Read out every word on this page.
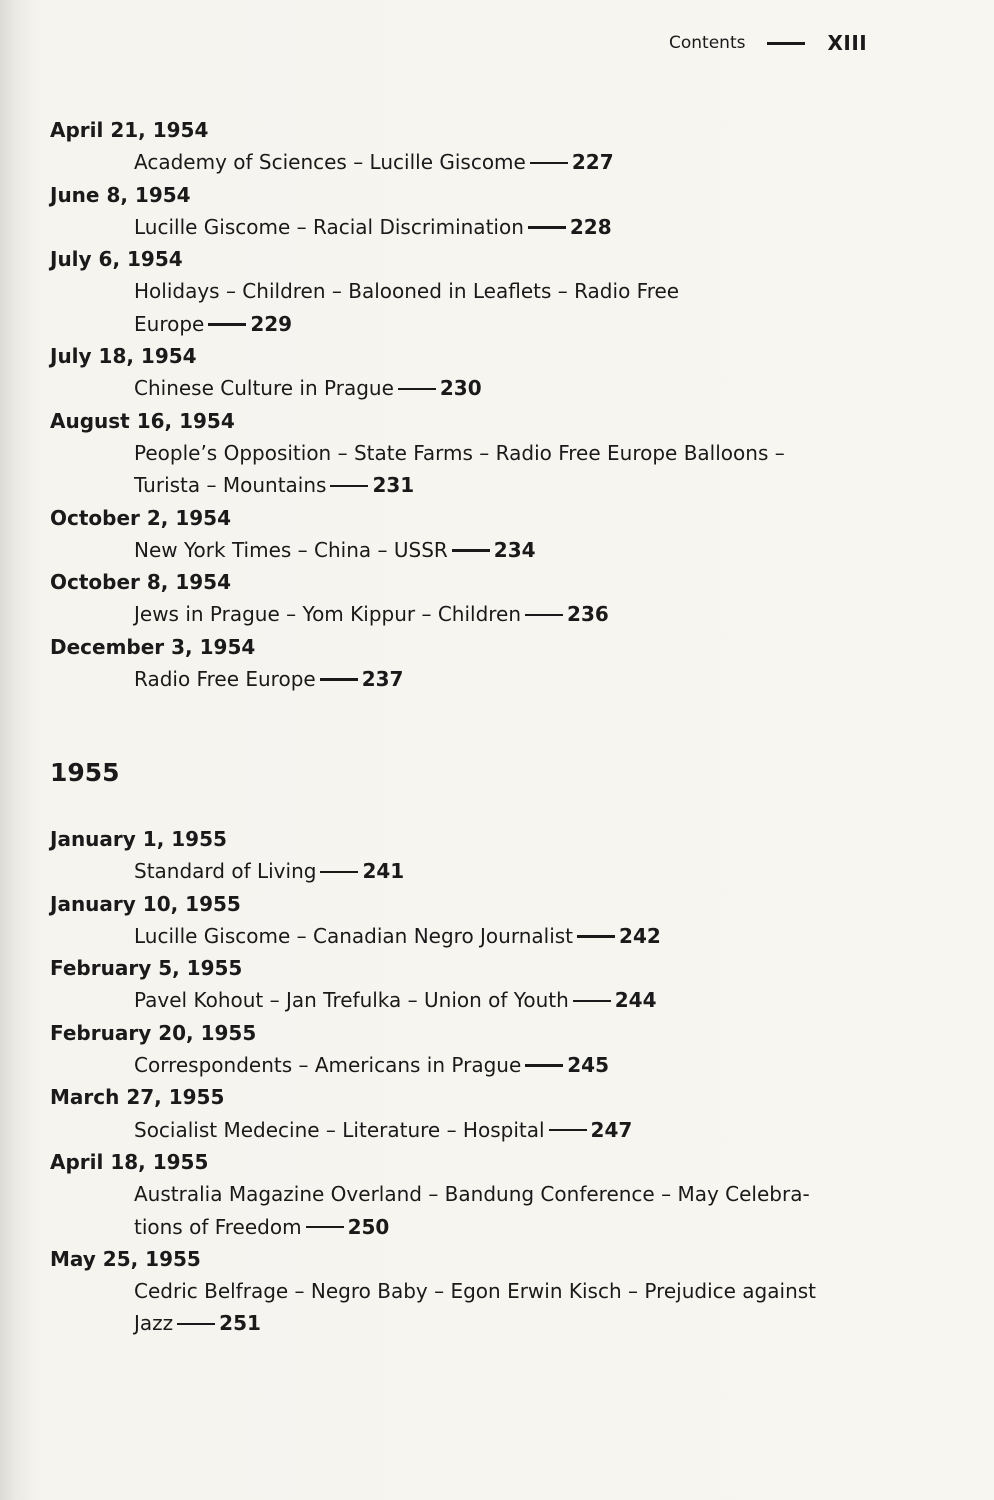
Contents	XIII
April 21, 1954
Academy of Sciences – Lucille Giscome 227
June 8, 1954
Lucille Giscome – Racial Discrimination 228
July 6, 1954
Holidays – Children – Balooned in Leaflets – Radio Free
Europe 229
July 18, 1954
Chinese Culture in Prague 230
August 16, 1954
People’s Opposition – State Farms – Radio Free Europe Balloons –
Turista – Mountains 231
October 2, 1954
New York Times – China – USSR 234
October 8, 1954
Jews in Prague – Yom Kippur – Children 236
December 3, 1954
Radio Free Europe 237
1955
January 1, 1955
Standard of Living 241
January 10, 1955
Lucille Giscome – Canadian Negro Journalist 242
February 5, 1955
Pavel Kohout – Jan Trefulka – Union of Youth 244
February 20, 1955
Correspondents – Americans in Prague 245
March 27, 1955
Socialist Medecine – Literature – Hospital 247
April 18, 1955
Australia Magazine Overland – Bandung Conference – May Celebra-
tions of Freedom 250
May 25, 1955
Cedric Belfrage – Negro Baby – Egon Erwin Kisch – Prejudice against
Jazz 251
